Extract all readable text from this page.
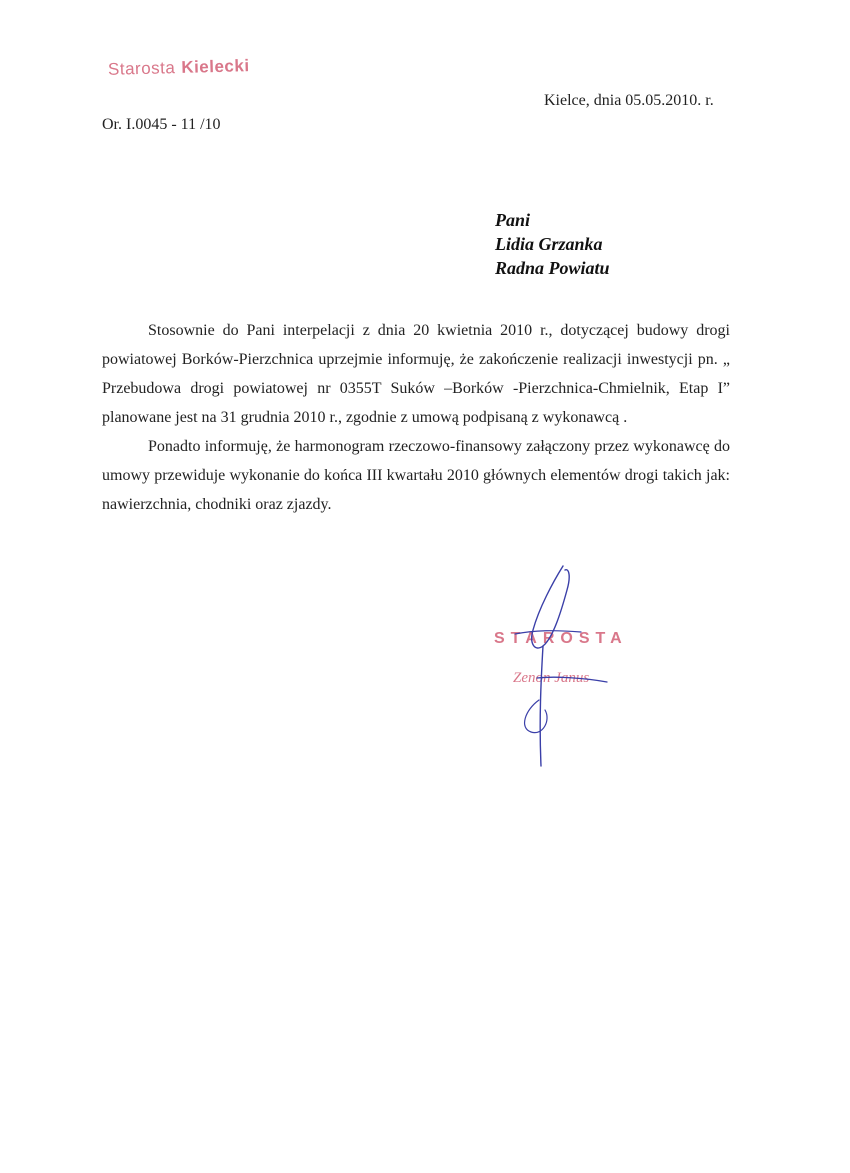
Starosta Kielecki
Kielce, dnia 05.05.2010. r.
Or. I.0045 - 11 /10
Pani
Lidia Grzanka
Radna Powiatu

Stosownie do Pani interpelacji z dnia 20 kwietnia 2010 r., dotyczącej budowy drogi powiatowej Borków-Pierzchnica uprzejmie informuję, że zakończenie realizacji inwestycji pn. „ Przebudowa drogi powiatowej nr 0355T Suków –Borków -Pierzchnica-Chmielnik, Etap I” planowane jest na 31 grudnia 2010 r., zgodnie z umową podpisaną z wykonawcą .

Ponadto informuję, że harmonogram rzeczowo-finansowy załączony przez wykonawcę do umowy przewiduje wykonanie do końca III kwartału 2010 głównych elementów drogi takich jak: nawierzchnia, chodniki oraz zjazdy.

STAROSTA
Zenon Janus
